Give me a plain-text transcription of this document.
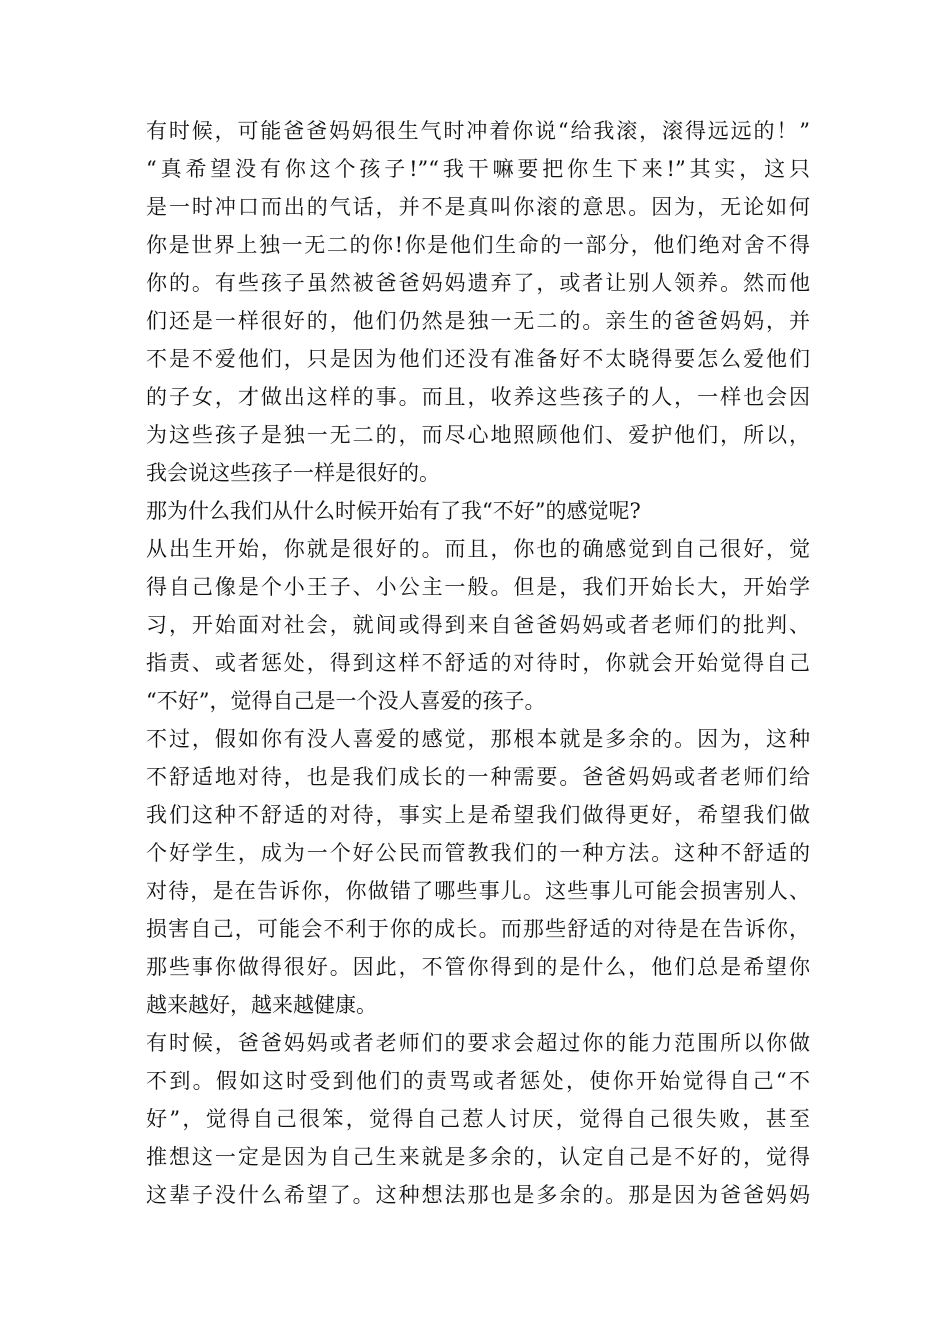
有时候，可能爸爸妈妈很生气时冲着你说“给我滚，滚得远远的！”
“真希望没有你这个孩子!”“我干嘛要把你生下来!”其实，这只
是一时冲口而出的气话，并不是真叫你滚的意思。因为，无论如何
你是世界上独一无二的你!你是他们生命的一部分，他们绝对舍不得
你的。有些孩子虽然被爸爸妈妈遗弃了，或者让别人领养。然而他
们还是一样很好的，他们仍然是独一无二的。亲生的爸爸妈妈，并
不是不爱他们，只是因为他们还没有准备好不太晓得要怎么爱他们
的子女，才做出这样的事。而且，收养这些孩子的人，一样也会因
为这些孩子是独一无二的，而尽心地照顾他们、爱护他们，所以，
我会说这些孩子一样是很好的。
那为什么我们从什么时候开始有了我“不好”的感觉呢?
从出生开始，你就是很好的。而且，你也的确感觉到自己很好，觉
得自己像是个小王子、小公主一般。但是，我们开始长大，开始学
习，开始面对社会，就间或得到来自爸爸妈妈或者老师们的批判、
指责、或者惩处，得到这样不舒适的对待时，你就会开始觉得自己
“不好”，觉得自己是一个没人喜爱的孩子。
不过，假如你有没人喜爱的感觉，那根本就是多余的。因为，这种
不舒适地对待，也是我们成长的一种需要。爸爸妈妈或者老师们给
我们这种不舒适的对待，事实上是希望我们做得更好，希望我们做
个好学生，成为一个好公民而管教我们的一种方法。这种不舒适的
对待，是在告诉你，你做错了哪些事儿。这些事儿可能会损害别人、
损害自己，可能会不利于你的成长。而那些舒适的对待是在告诉你，
那些事你做得很好。因此，不管你得到的是什么，他们总是希望你
越来越好，越来越健康。
有时候，爸爸妈妈或者老师们的要求会超过你的能力范围所以你做
不到。假如这时受到他们的责骂或者惩处，使你开始觉得自己“不
好”，觉得自己很笨，觉得自己惹人讨厌，觉得自己很失败，甚至
推想这一定是因为自己生来就是多余的，认定自己是不好的，觉得
这辈子没什么希望了。这种想法那也是多余的。那是因为爸爸妈妈
